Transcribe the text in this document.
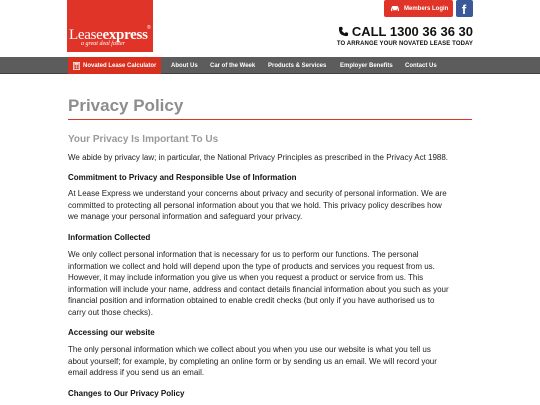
Leaseexpress ®
a great deal faster
Members Login f
CALL 1300 36 36 30
TO ARRANGE YOUR NOVATED LEASE TODAY
Novated Lease Calculator About Us Car of the Week Products & Services Employer Benefits Contact Us
Privacy Policy
Your Privacy Is Important To Us
We abide by privacy law; in particular, the National Privacy Principles as prescribed in the Privacy Act 1988.
Commitment to Privacy and Responsible Use of Information
At Lease Express we understand your concerns about privacy and security of personal information. We are
committed to protecting all personal information about you that we hold. This privacy policy describes how
we manage your personal information and safeguard your privacy.
Information Collected
We only collect personal information that is necessary for us to perform our functions. The personal
information we collect and hold will depend upon the type of products and services you request from us.
However, it may include information you give us when you request a product or service from us. This
information will include your name, address and contact details financial information about you such as your
financial position and information obtained to enable credit checks (but only if you have authorised us to
carry out those checks).
Accessing our website
The only personal information which we collect about you when you use our website is what you tell us
about yourself; for example, by completing an online form or by sending us an email. We will record your
email address if you send us an email.
Changes to Our Privacy Policy
